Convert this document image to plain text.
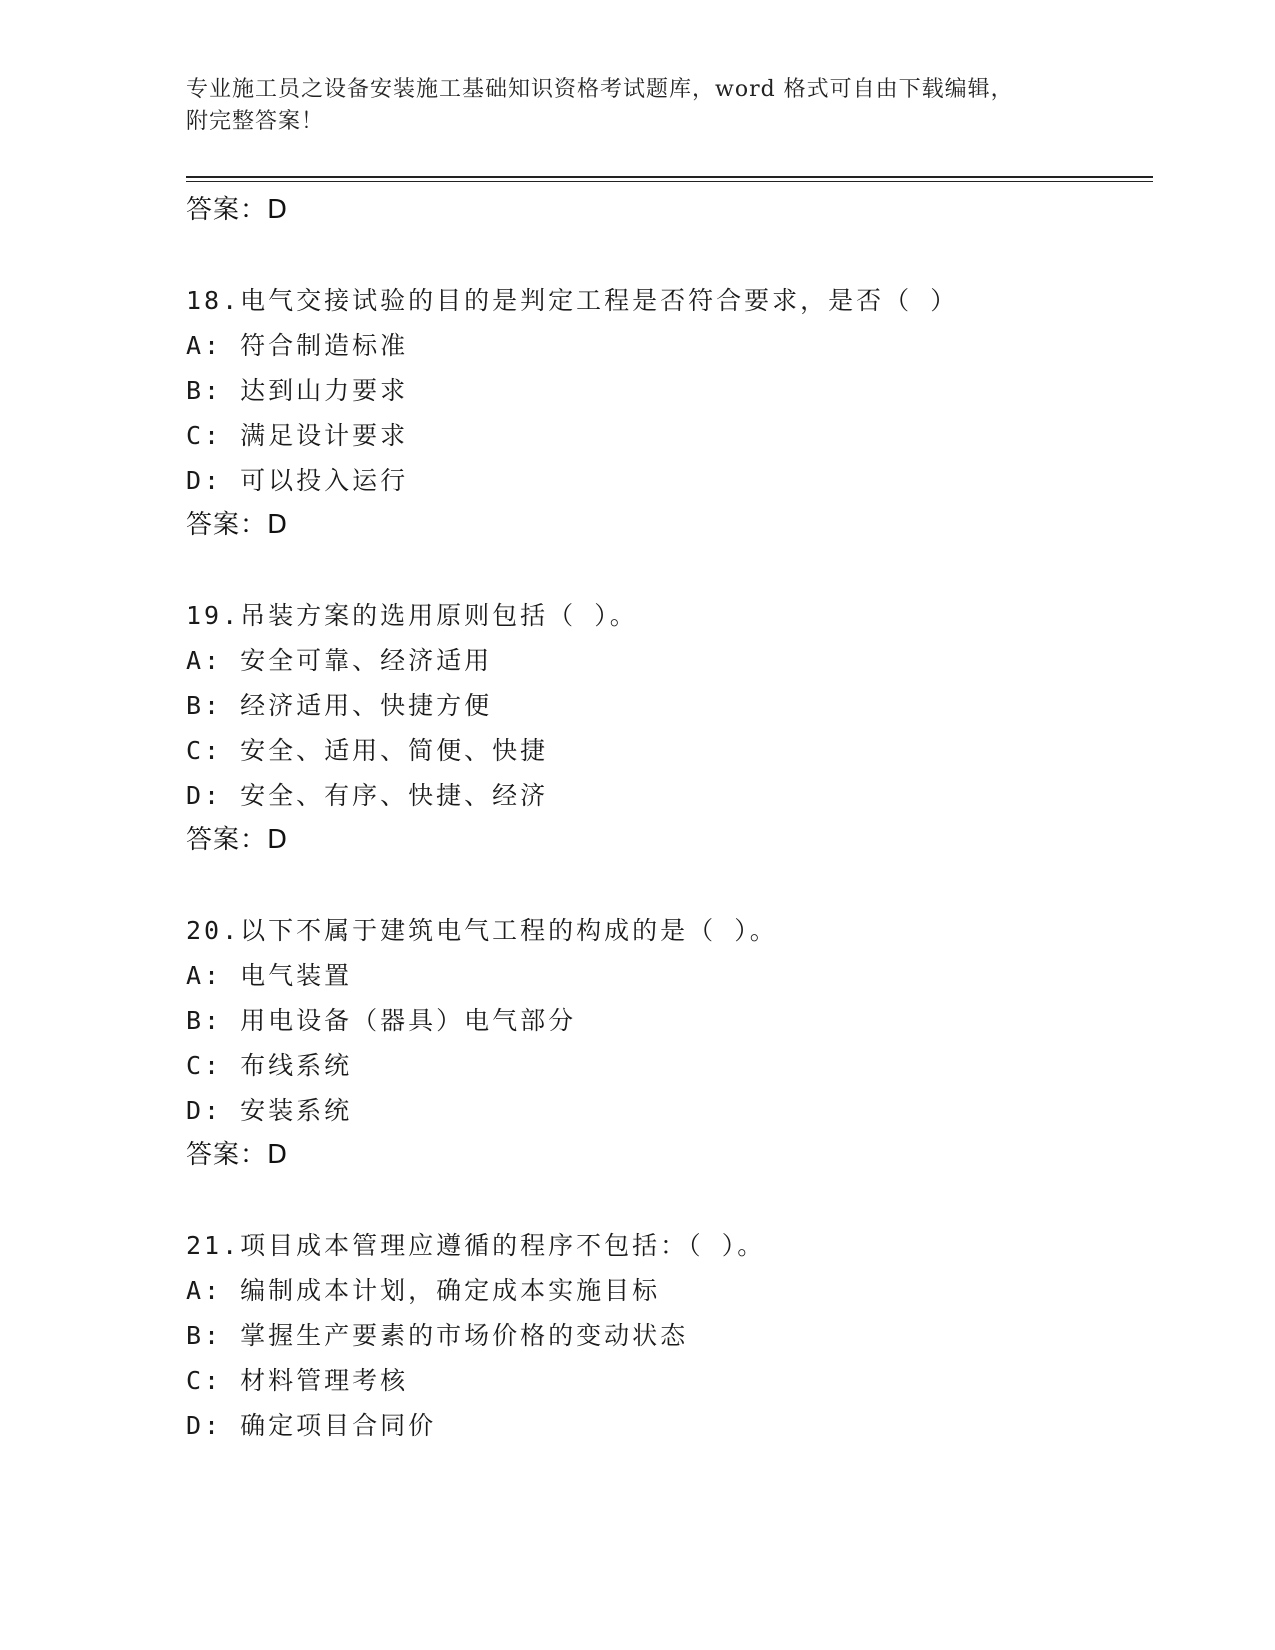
专业施工员之设备安装施工基础知识资格考试题库，word 格式可自由下载编辑，
附完整答案！
答案：D
18.电气交接试验的目的是判定工程是否符合要求，是否（ ）
A: 符合制造标准
B: 达到山力要求
C: 满足设计要求
D: 可以投入运行
答案：D
19.吊装方案的选用原则包括（ ）。
A: 安全可靠、经济适用
B: 经济适用、快捷方便
C: 安全、适用、简便、快捷
D: 安全、有序、快捷、经济
答案：D
20.以下不属于建筑电气工程的构成的是（ ）。
A: 电气装置
B: 用电设备（器具）电气部分
C: 布线系统
D: 安装系统
答案：D
21.项目成本管理应遵循的程序不包括：（ ）。
A: 编制成本计划，确定成本实施目标
B: 掌握生产要素的市场价格的变动状态
C: 材料管理考核
D: 确定项目合同价
